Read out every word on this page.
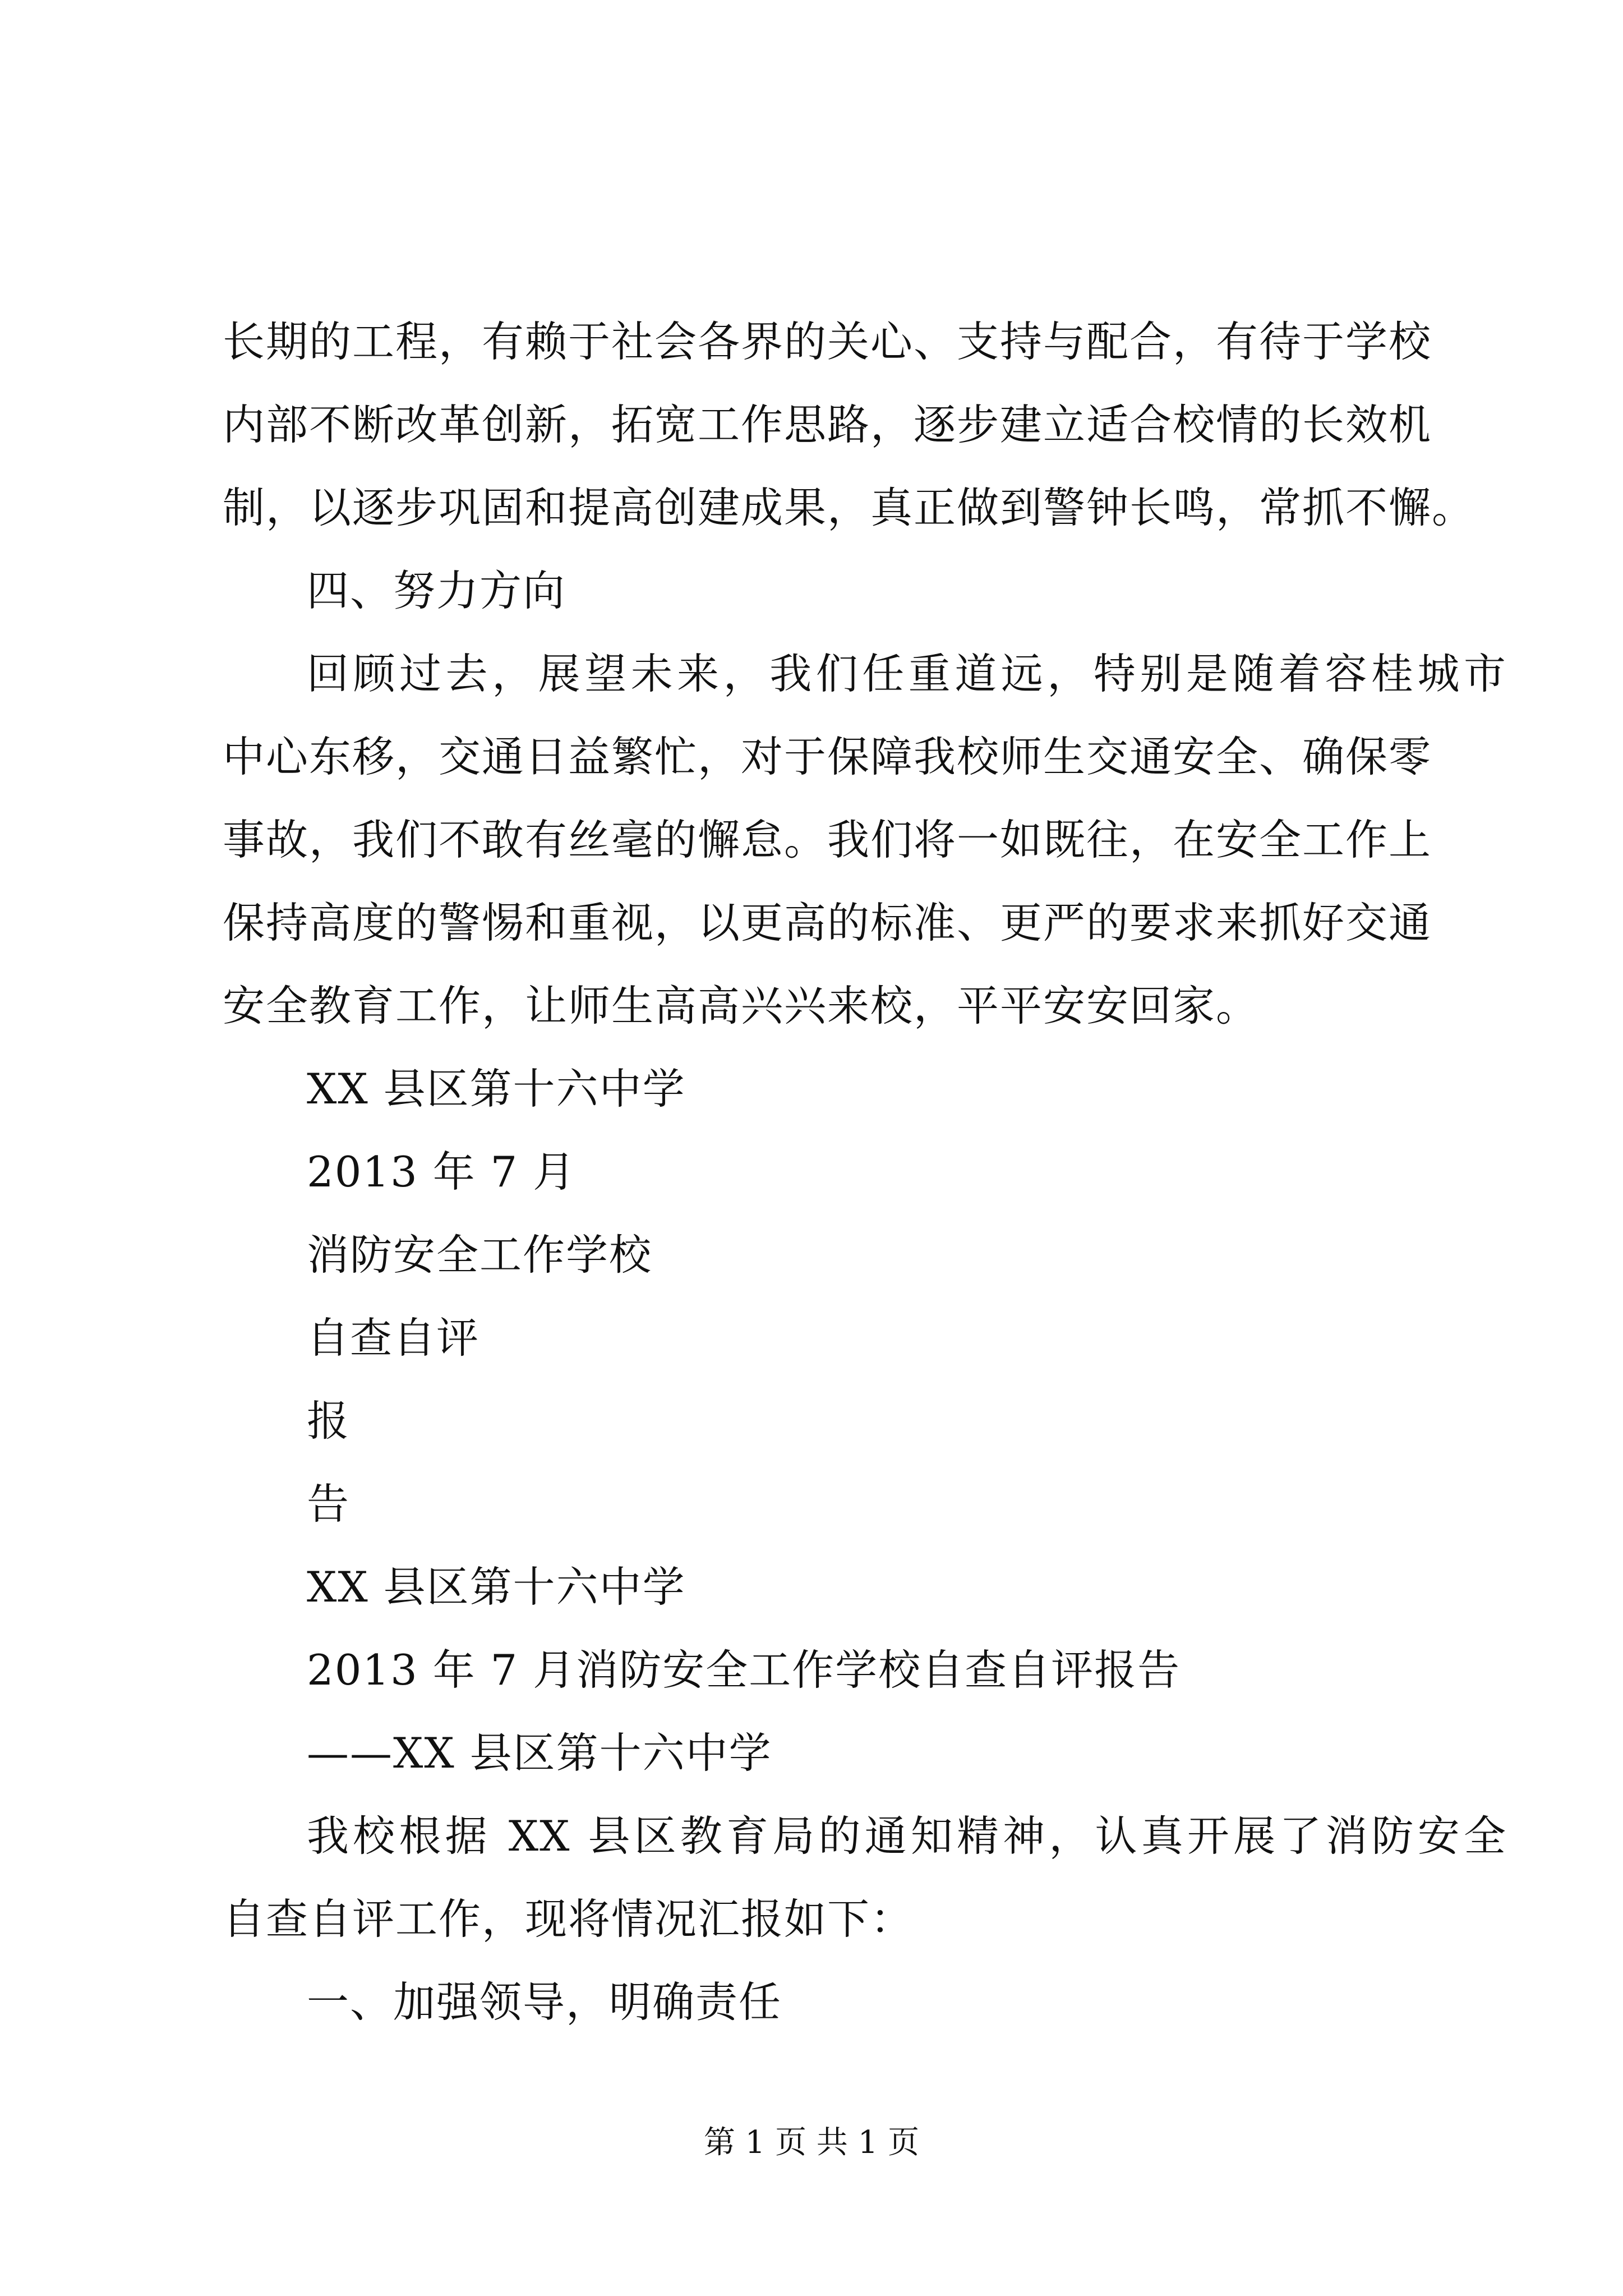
长期的工程，有赖于社会各界的关心、支持与配合，有待于学校
内部不断改革创新，拓宽工作思路，逐步建立适合校情的长效机
制，以逐步巩固和提高创建成果，真正做到警钟长鸣，常抓不懈。
四、努力方向
回顾过去，展望未来，我们任重道远，特别是随着容桂城市
中心东移，交通日益繁忙，对于保障我校师生交通安全、确保零
事故，我们不敢有丝毫的懈怠。我们将一如既往，在安全工作上
保持高度的警惕和重视，以更高的标准、更严的要求来抓好交通
安全教育工作，让师生高高兴兴来校，平平安安回家。
XX 县区第十六中学
2013 年 7 月
消防安全工作学校
自查自评
报
告
XX 县区第十六中学
2013 年 7 月消防安全工作学校自查自评报告
——XX 县区第十六中学
我校根据 XX 县区教育局的通知精神，认真开展了消防安全
自查自评工作，现将情况汇报如下：
一、加强领导，明确责任
第 1 页 共 1 页
